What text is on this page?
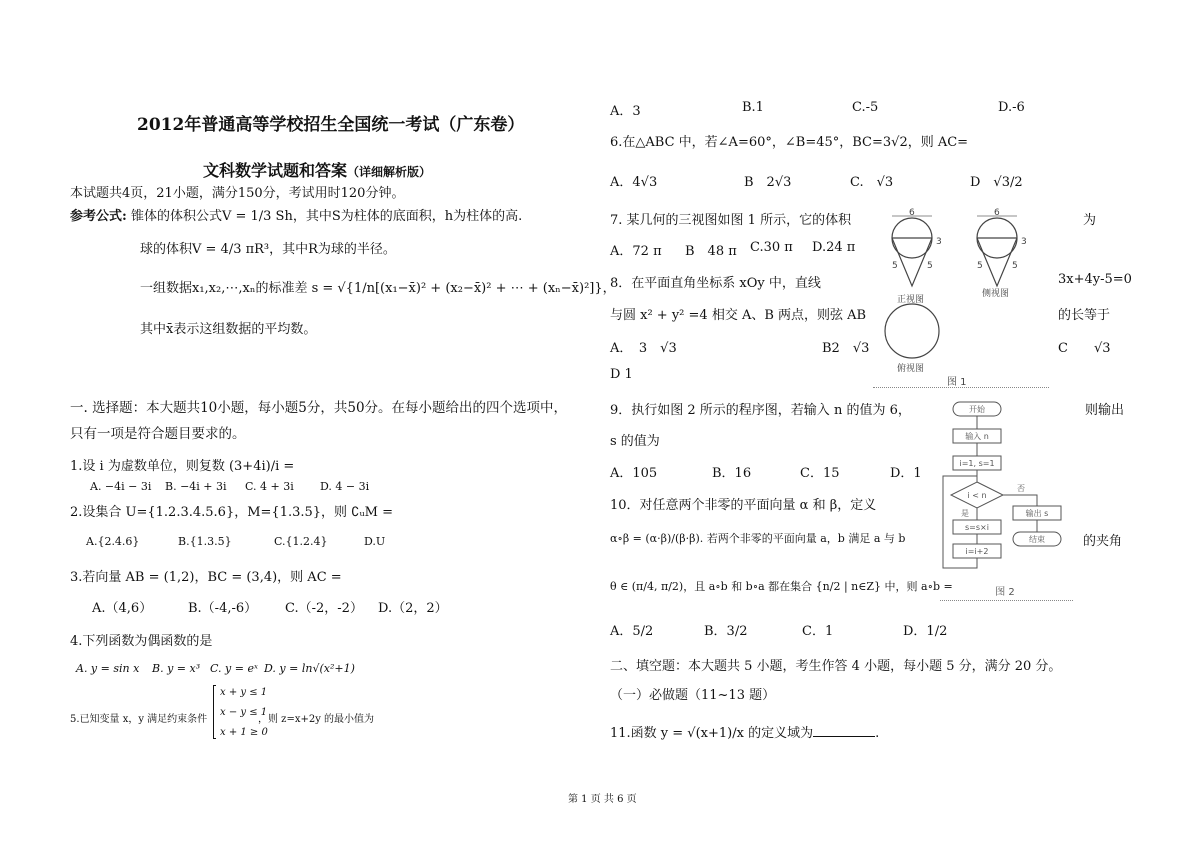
2012年普通高等学校招生全国统一考试（广东卷）
文科数学试题和答案（详细解析版）
本试题共4页，21小题，满分150分，考试用时120分钟。
参考公式: 锥体的体积公式V = 1/3 Sh，其中S为柱体的底面积，h为柱体的高.
球的体积V = 4/3 πR³，其中R为球的半径。
一组数据x₁,x₂,⋯,xₙ的标准差 s = √{1/n[(x₁−x̄)² + (x₂−x̄)² + ⋯ + (xₙ−x̄)²]}，
其中x̄表示这组数据的平均数。
一. 选择题：本大题共10小题，每小题5分，共50分。在每小题给出的四个选项中，
只有一项是符合题目要求的。
1.设 i 为虚数单位，则复数 (3+4i)/i =
A. −4i − 3i B. −4i + 3i C. 4 + 3i D. 4 − 3i
2.设集合 U={1.2.3.4.5.6}，M={1.3.5}，则 ∁ᵤM =
A.{2.4.6}	B.{1.3.5}	C.{1.2.4}	D.U
3.若向量 AB = (1,2)，BC = (3,4)，则 AC =
A.（4,6）	B.（-4,-6） C.（-2，-2） D.（2，2）
4.下列函数为偶函数的是
A. y = sin x B. y = x³ C. y = eˣ D. y = ln√(x²+1)
5.已知变量 x，y 满足约束条件
x + y ≤ 1
x − y ≤ 1
x + 1 ≥ 0
，则 z=x+2y 的最小值为
A．3	B.1	C.-5	D.-6
6.在△ABC 中，若∠A=60°，∠B=45°，BC=3√2，则 AC=
A．4√3	B　2√3	C.　√3	D　√3/2
7. 某几何的三视图如图 1 所示，它的体积	为
A．72 π B　48 π C.30 π D.24 π
8．在平面直角坐标系 xOy 中，直线	3x+4y-5=0
与圆 x² + y² =4 相交 A、B 两点，则弦 AB	的长等于
A．　3　√3	B2　√3	C　　√3
D 1
9．执行如图 2 所示的程序图，若输入 n 的值为 6，	则输出
s 的值为
A．105	B．16	C．15	D．1
10．对任意两个非零的平面向量 α 和 β，定义
α∘β = (α·β)/(β·β). 若两个非零的平面向量 a，b 满足 a 与 b	的夹角
θ ∈ (π/4, π/2)，且 a∘b 和 b∘a 都在集合 {n/2 | n∈Z} 中，则 a∘b =
A．5/2	B．3/2	C．1	D．1/2
二、填空题：本大题共 5 小题，考生作答 4 小题，每小题 5 分，满分 20 分。
（一）必做题（11~13 题）
11.函数 y = √(x+1)/x 的定义域为	.
6
3
5	5
6
3
5	5
正视图
侧视图
俯视图
图 1
开始
输入 n
i=1, s=1
i < n
否
是
s=s×i
i=i+2
输出 s
结束
图 2
第 1 页 共 6 页
